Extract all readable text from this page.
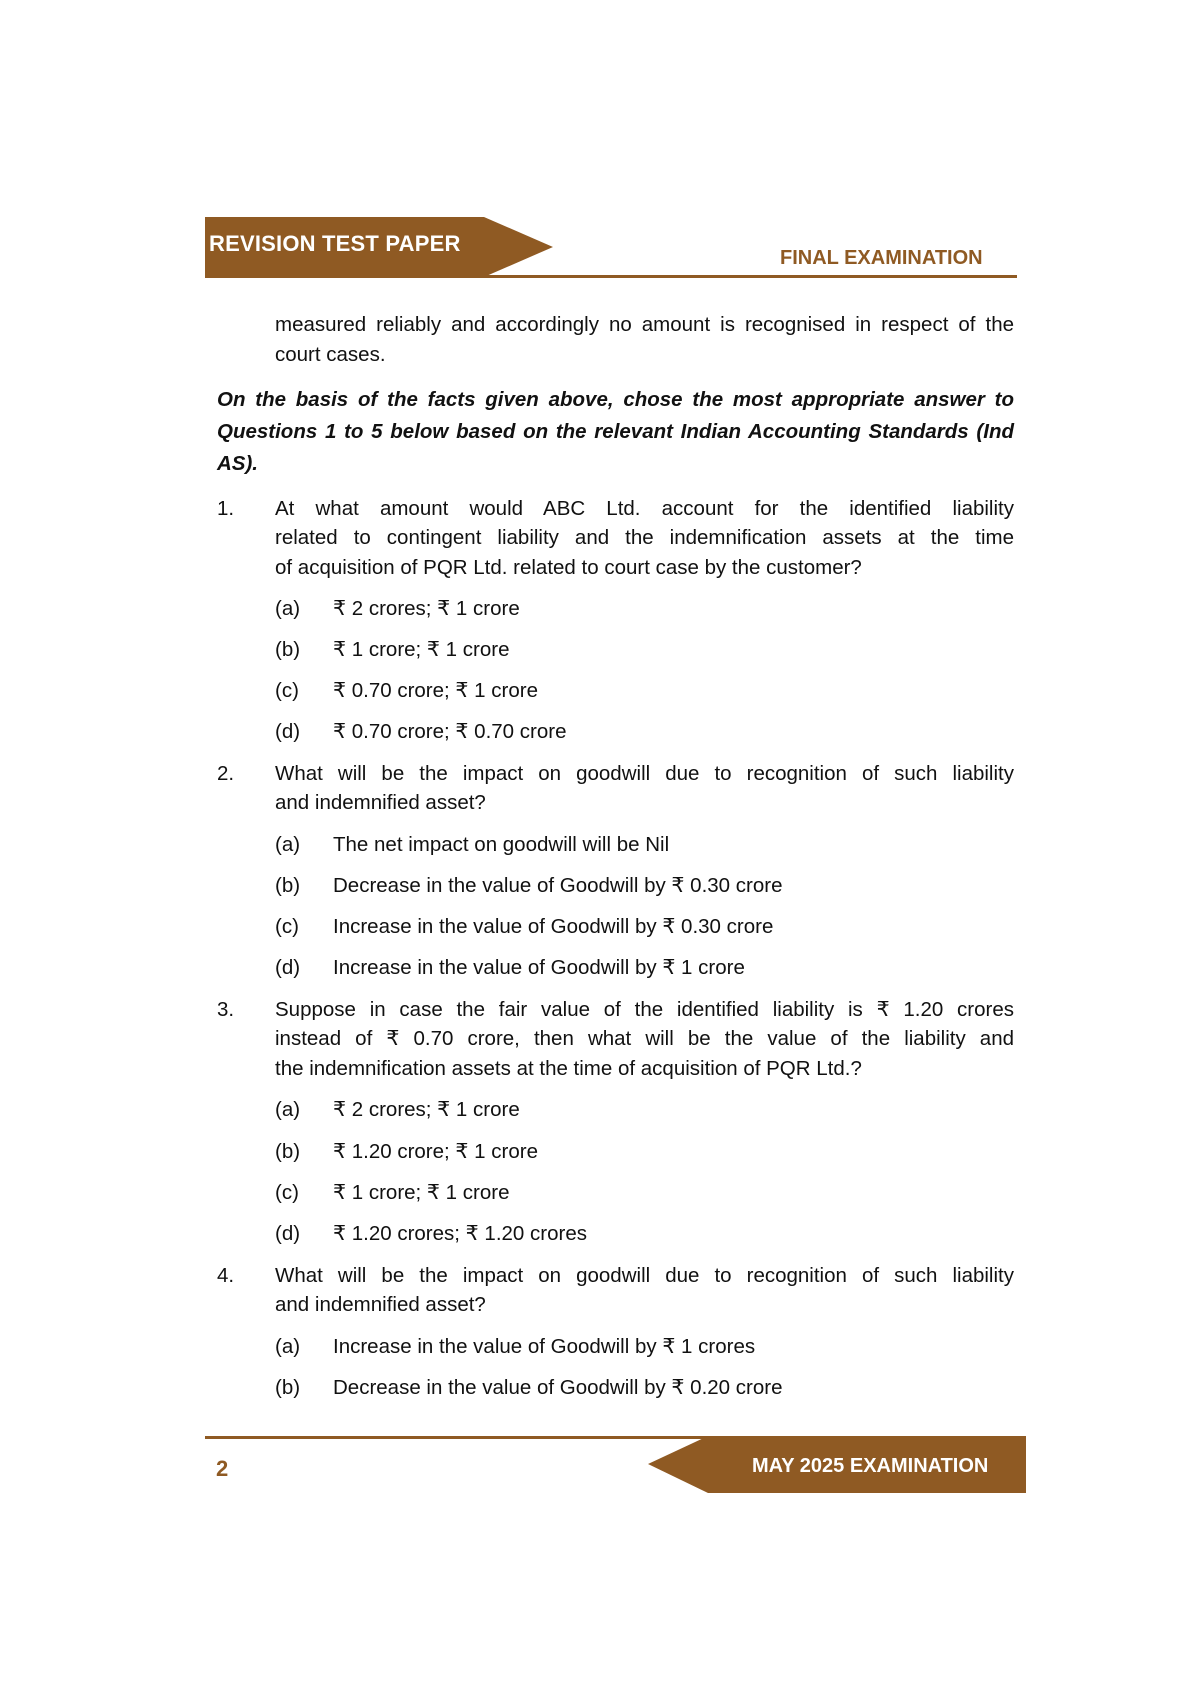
REVISION TEST PAPER
FINAL EXAMINATION
measured reliably and accordingly no amount is recognised in respect of the court cases.
On the basis of the facts given above, chose the most appropriate answer to Questions 1 to 5 below based on the relevant Indian Accounting Standards (Ind AS).
1. At what amount would ABC Ltd. account for the identified liability
related to contingent liability and the indemnification assets at the time
of acquisition of PQR Ltd. related to court case by the customer?
(a) ₹ 2 crores; ₹ 1 crore
(b) ₹ 1 crore; ₹ 1 crore
(c) ₹ 0.70 crore; ₹ 1 crore
(d) ₹ 0.70 crore; ₹ 0.70 crore
2. What will be the impact on goodwill due to recognition of such liability
and indemnified asset?
(a) The net impact on goodwill will be Nil
(b) Decrease in the value of Goodwill by ₹ 0.30 crore
(c) Increase in the value of Goodwill by ₹ 0.30 crore
(d) Increase in the value of Goodwill by ₹ 1 crore
3. Suppose in case the fair value of the identified liability is ₹ 1.20 crores
instead of ₹ 0.70 crore, then what will be the value of the liability and
the indemnification assets at the time of acquisition of PQR Ltd.?
(a) ₹ 2 crores; ₹ 1 crore
(b) ₹ 1.20 crore; ₹ 1 crore
(c) ₹ 1 crore; ₹ 1 crore
(d) ₹ 1.20 crores; ₹ 1.20 crores
4. What will be the impact on goodwill due to recognition of such liability
and indemnified asset?
(a) Increase in the value of Goodwill by ₹ 1 crores
(b) Decrease in the value of Goodwill by ₹ 0.20 crore
MAY 2025 EXAMINATION
2
